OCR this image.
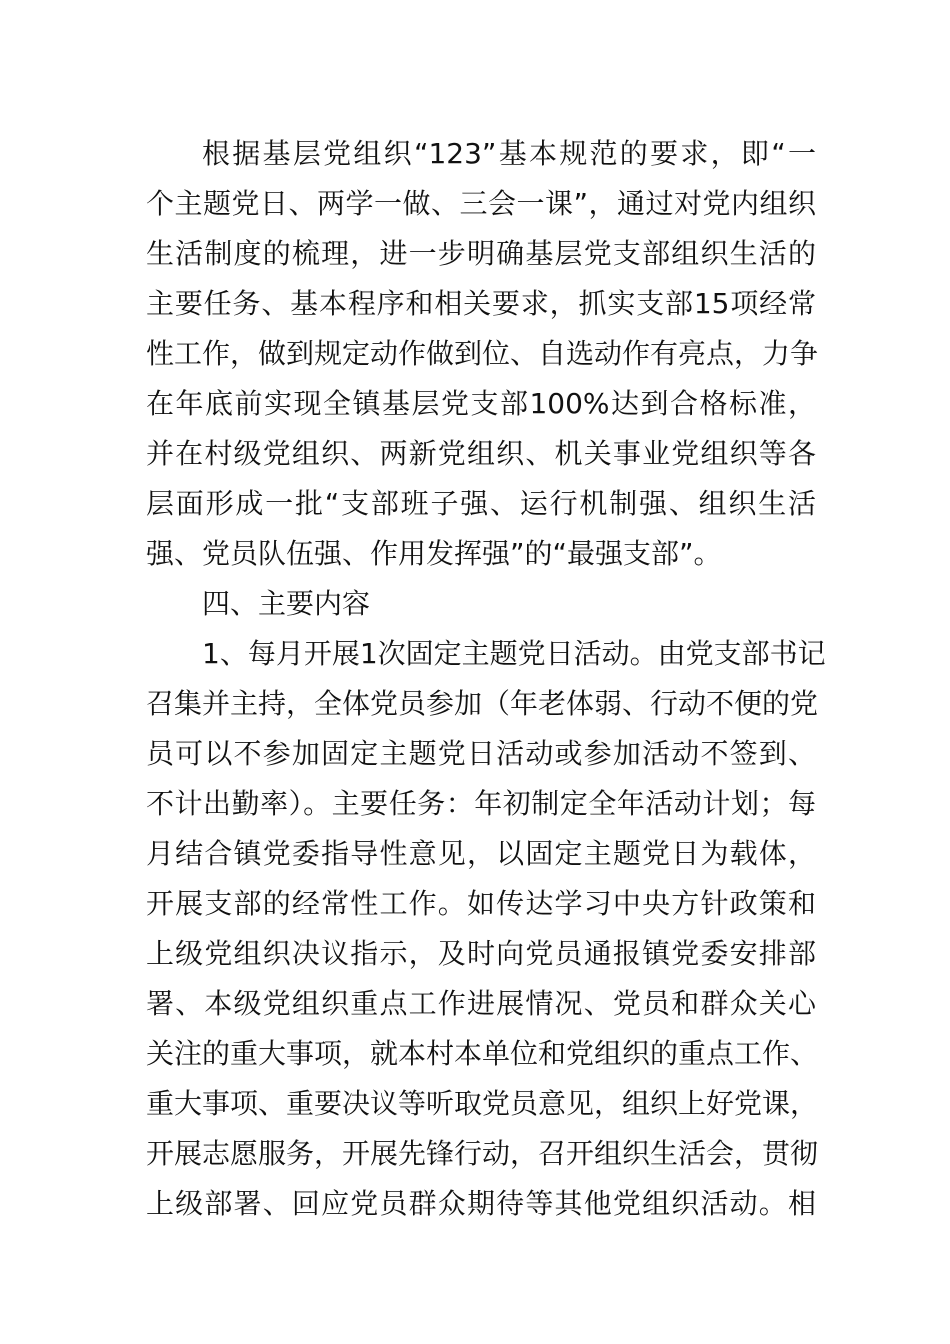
根据基层党组织“123”基本规范的要求，即“一
个主题党日、两学一做、三会一课”，通过对党内组织
生活制度的梳理，进一步明确基层党支部组织生活的
主要任务、基本程序和相关要求，抓实支部15项经常
性工作，做到规定动作做到位、自选动作有亮点，力争
在年底前实现全镇基层党支部100%达到合格标准，
并在村级党组织、两新党组织、机关事业党组织等各
层面形成一批“支部班子强、运行机制强、组织生活
强、党员队伍强、作用发挥强”的“最强支部”。
四、主要内容
1、每月开展1次固定主题党日活动。由党支部书记
召集并主持，全体党员参加（年老体弱、行动不便的党
员可以不参加固定主题党日活动或参加活动不签到、
不计出勤率）。主要任务：年初制定全年活动计划；每
月结合镇党委指导性意见，以固定主题党日为载体，
开展支部的经常性工作。如传达学习中央方针政策和
上级党组织决议指示，及时向党员通报镇党委安排部
署、本级党组织重点工作进展情况、党员和群众关心
关注的重大事项，就本村本单位和党组织的重点工作、
重大事项、重要决议等听取党员意见，组织上好党课，
开展志愿服务，开展先锋行动，召开组织生活会，贯彻
上级部署、回应党员群众期待等其他党组织活动。相
